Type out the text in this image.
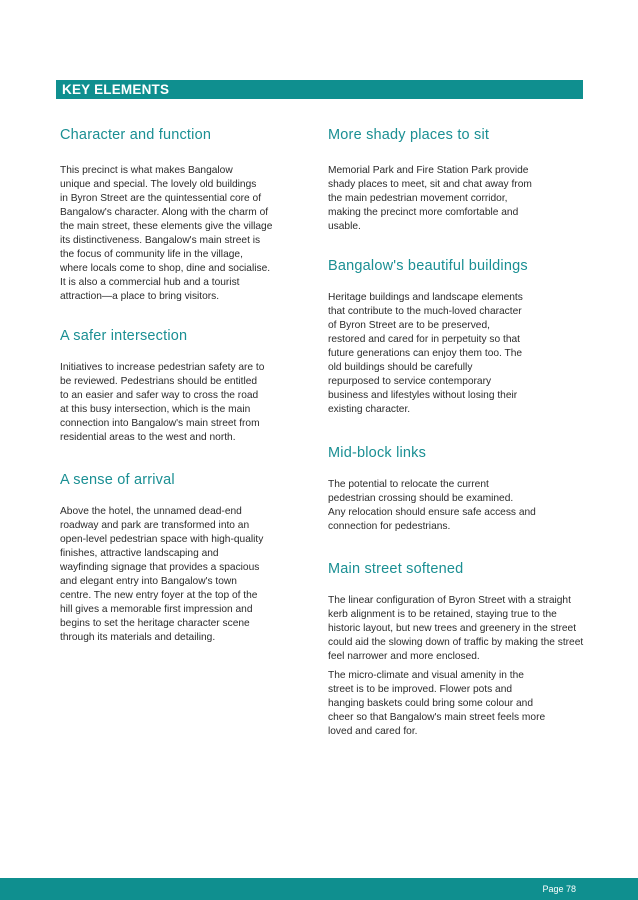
KEY ELEMENTS
Character and function

This precinct is what makes Bangalow
unique and special. The lovely old buildings
in Byron Street are the quintessential core of
Bangalow's character. Along with the charm of
the main street, these elements give the village
its distinctiveness. Bangalow's main street is
the focus of community life in the village,
where locals come to shop, dine and socialise.
It is also a commercial hub and a tourist
attraction—a place to bring visitors.

A safer intersection

Initiatives to increase pedestrian safety are to
be reviewed. Pedestrians should be entitled
to an easier and safer way to cross the road
at this busy intersection, which is the main
connection into Bangalow's main street from
residential areas to the west and north.

A sense of arrival

Above the hotel, the unnamed dead-end
roadway and park are transformed into an
open-level pedestrian space with high-quality
finishes, attractive landscaping and
wayfinding signage that provides a spacious
and elegant entry into Bangalow's town
centre. The new entry foyer at the top of the
hill gives a memorable first impression and
begins to set the heritage character scene
through its materials and detailing.

More shady places to sit

Memorial Park and Fire Station Park provide
shady places to meet, sit and chat away from
the main pedestrian movement corridor,
making the precinct more comfortable and
usable.

Bangalow's beautiful buildings

Heritage buildings and landscape elements
that contribute to the much-loved character
of Byron Street are to be preserved,
restored and cared for in perpetuity so that
future generations can enjoy them too. The
old buildings should be carefully
repurposed to service contemporary
business and lifestyles without losing their
existing character.

Mid-block links

The potential to relocate the current
pedestrian crossing should be examined.
Any relocation should ensure safe access and
connection for pedestrians.

Main street softened

The linear configuration of Byron Street with a straight
kerb alignment is to be retained, staying true to the
historic layout, but new trees and greenery in the street
could aid the slowing down of traffic by making the street
feel narrower and more enclosed.

The micro-climate and visual amenity in the
street is to be improved. Flower pots and
hanging baskets could bring some colour and
cheer so that Bangalow's main street feels more
loved and cared for.

Page 78
